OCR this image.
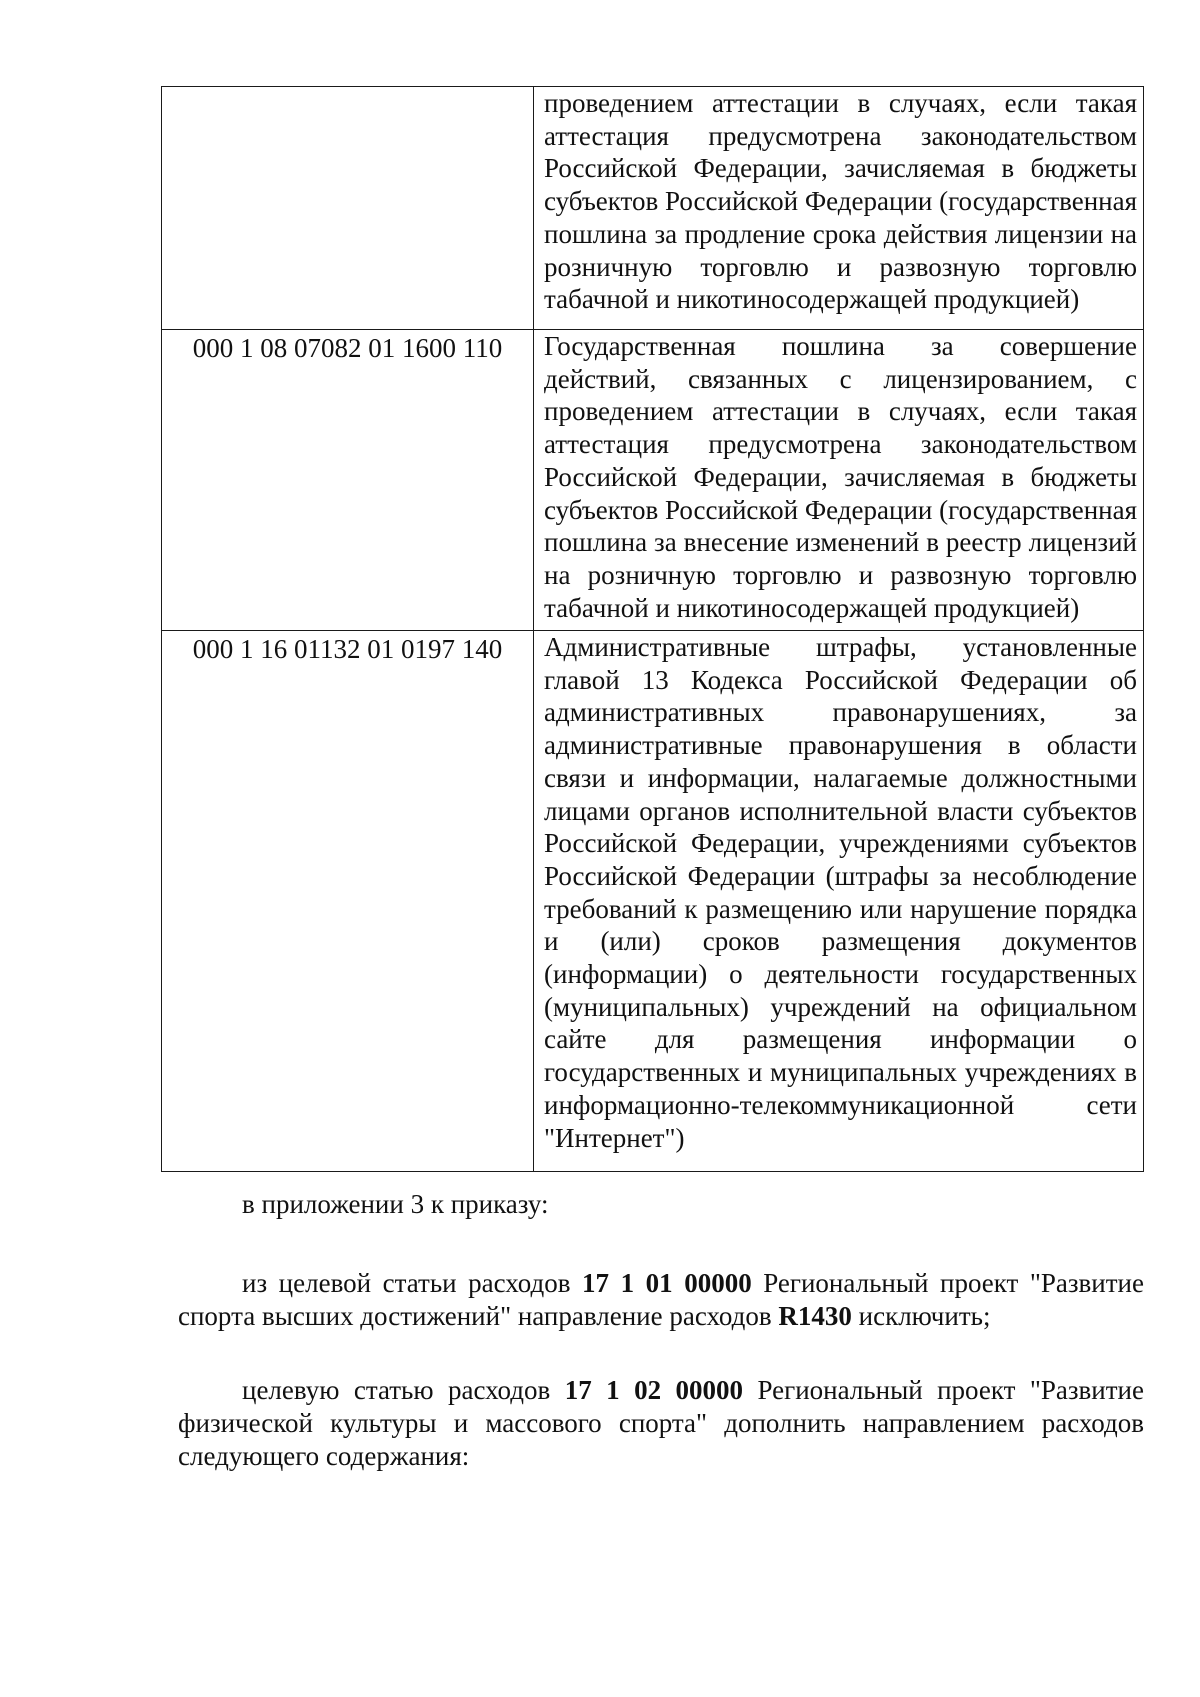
	проведением аттестации в случаях, если такая аттестация предусмотрена законодательством Российской Федерации, зачисляемая в бюджеты субъектов Российской Федерации (государственная пошлина за продление срока действия лицензии на розничную торговлю и развозную торговлю табачной и никотиносодержащей продукцией)
000 1 08 07082 01 1600 110	Государственная пошлина за совершение действий, связанных с лицензированием, с проведением аттестации в случаях, если такая аттестация предусмотрена законодательством Российской Федерации, зачисляемая в бюджеты субъектов Российской Федерации (государственная пошлина за внесение изменений в реестр лицензий на розничную торговлю и развозную торговлю табачной и никотиносодержащей продукцией)
000 1 16 01132 01 0197 140	Административные штрафы, установленные главой 13 Кодекса Российской Федерации об административных правонарушениях, за административные правонарушения в области связи и информации, налагаемые должностными лицами органов исполнительной власти субъектов Российской Федерации, учреждениями субъектов Российской Федерации (штрафы за несоблюдение требований к размещению или нарушение порядка и (или) сроков размещения документов (информации) о деятельности государственных (муниципальных) учреждений на официальном сайте для размещения информации о государственных и муниципальных учреждениях в информационно-телекоммуникационной сети "Интернет")

в приложении 3 к приказу:

из целевой статьи расходов 17 1 01 00000 Региональный проект "Развитие спорта высших достижений" направление расходов R1430 исключить;

целевую статью расходов 17 1 02 00000 Региональный проект "Развитие физической культуры и массового спорта" дополнить направлением расходов следующего содержания:
